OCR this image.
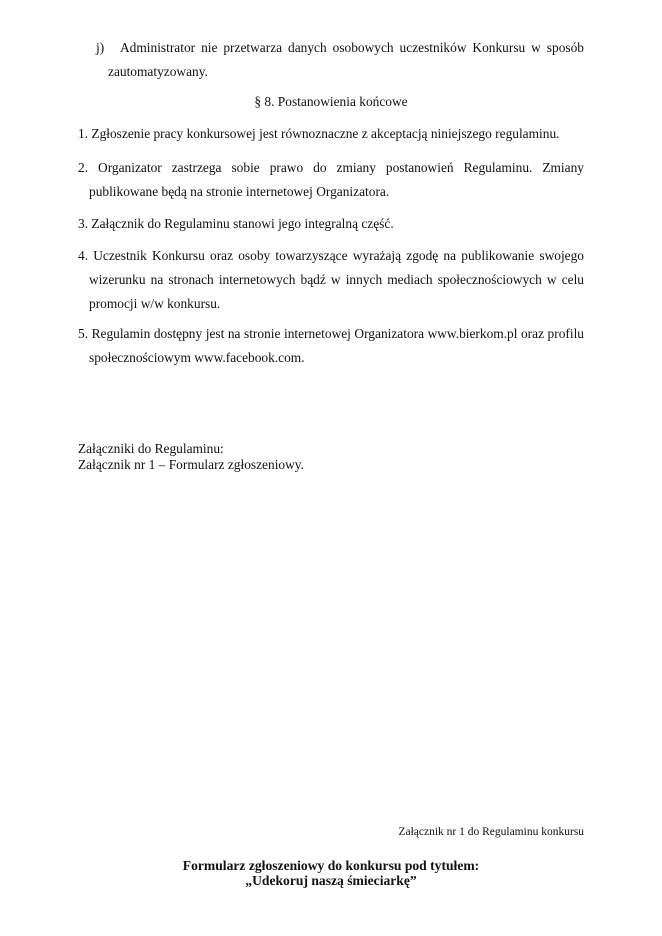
j)	Administrator nie przetwarza danych osobowych uczestników Konkursu w sposób
zautomatyzowany.
§ 8. Postanowienia końcowe
1. Zgłoszenie pracy konkursowej jest równoznaczne z akceptacją niniejszego regulaminu.
2. Organizator zastrzega sobie prawo do zmiany postanowień Regulaminu. Zmiany
publikowane będą na stronie internetowej Organizatora.
3. Załącznik do Regulaminu stanowi jego integralną część.
4. Uczestnik Konkursu oraz osoby towarzyszące wyrażają zgodę na publikowanie swojego
wizerunku na stronach internetowych bądź w innych mediach społecznościowych w celu
promocji w/w konkursu.
5. Regulamin dostępny jest na stronie internetowej Organizatora www.bierkom.pl oraz profilu
społecznościowym www.facebook.com.
Załączniki do Regulaminu:
Załącznik nr 1 – Formularz zgłoszeniowy.
Załącznik nr 1 do Regulaminu konkursu
Formularz zgłoszeniowy do konkursu pod tytułem:
„Udekoruj naszą śmieciarkę”
